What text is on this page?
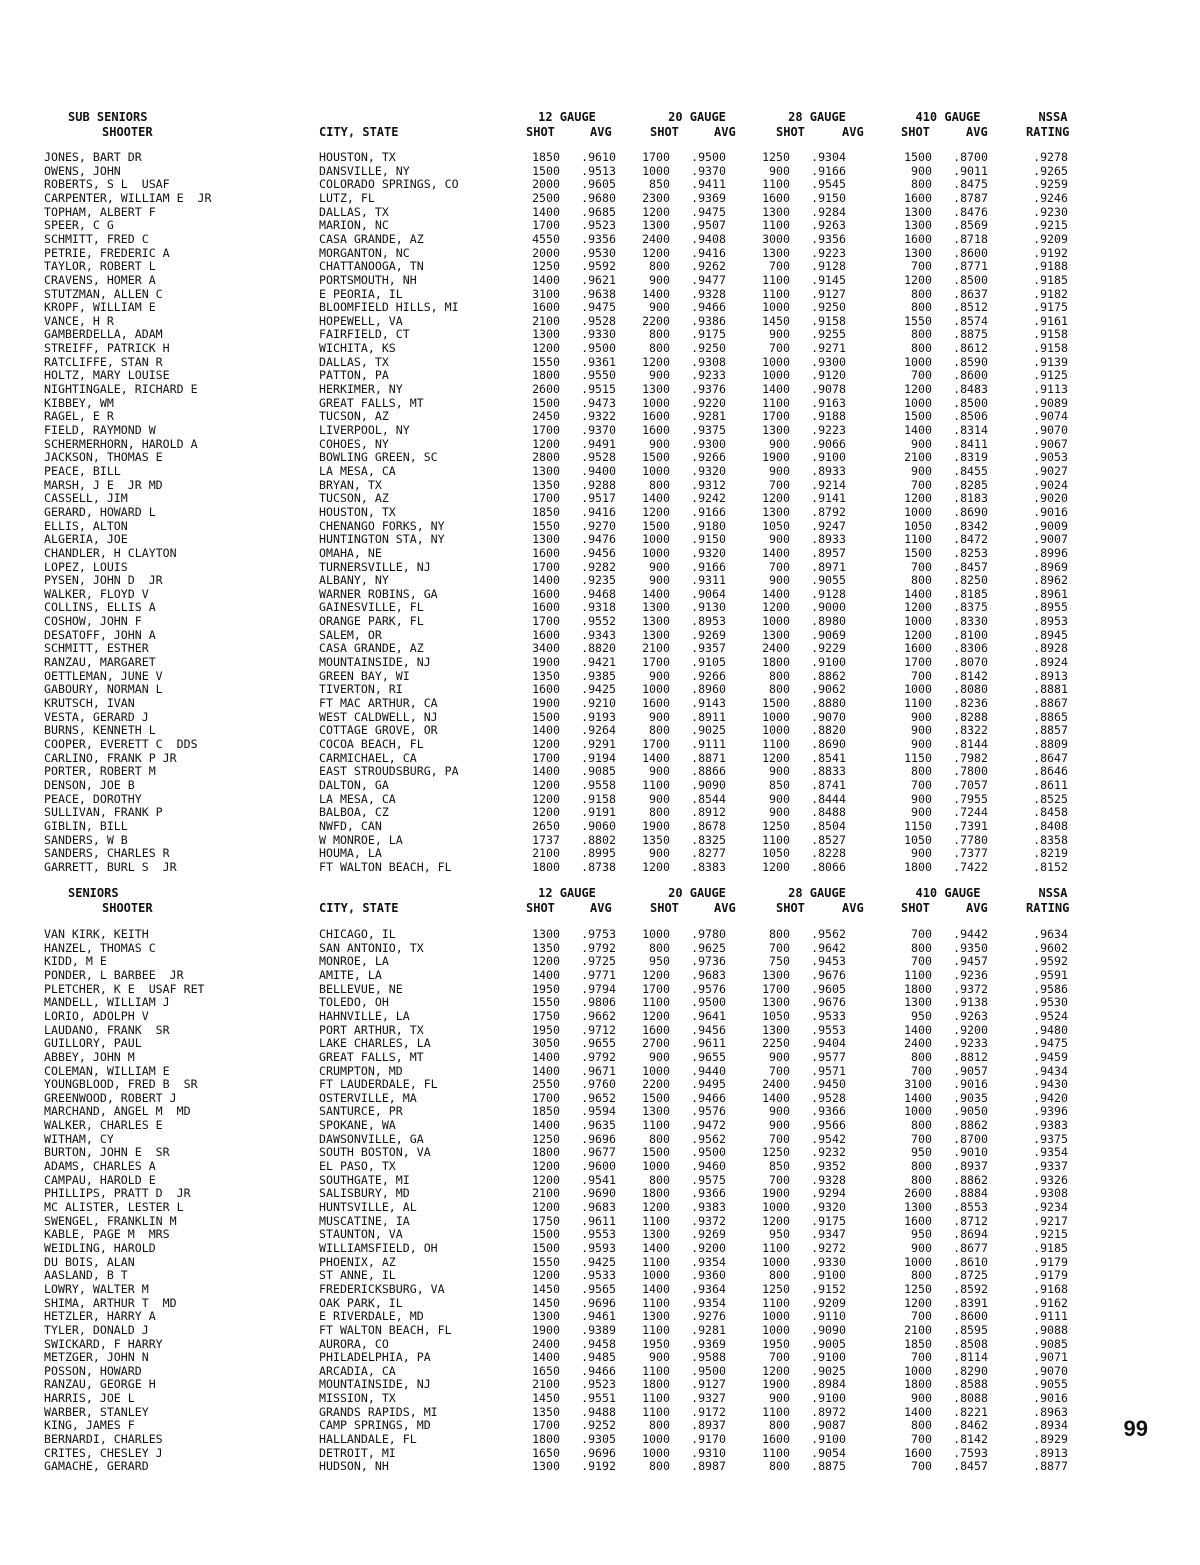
SUB SENIORS
SHOOTER	CITY, STATE
12 GAUGE	20 GAUGE	28 GAUGE	410 GAUGE	NSSA
SHOT	AVG	SHOT	AVG	SHOT	AVG	SHOT	AVG	RATING
JONES, BART DR	HOUSTON, TX	1850	.9610	1700	.9500	1250	.9304	1500	.8700	.9278
OWENS, JOHN	DANSVILLE, NY	1500	.9513	1000	.9370	900	.9166	900	.9011	.9265
ROBERTS, S L  USAF	COLORADO SPRINGS, CO	2000	.9605	850	.9411	1100	.9545	800	.8475	.9259
CARPENTER, WILLIAM E  JR	LUTZ, FL	2500	.9680	2300	.9369	1600	.9150	1600	.8787	.9246
TOPHAM, ALBERT F	DALLAS, TX	1400	.9685	1200	.9475	1300	.9284	1300	.8476	.9230
SPEER, C G	MARION, NC	1700	.9523	1300	.9507	1100	.9263	1300	.8569	.9215
SCHMITT, FRED C	CASA GRANDE, AZ	4550	.9356	2400	.9408	3000	.9356	1600	.8718	.9209
PETRIE, FREDERIC A	MORGANTON, NC	2000	.9530	1200	.9416	1300	.9223	1300	.8600	.9192
TAYLOR, ROBERT L	CHATTANOOGA, TN	1250	.9592	800	.9262	700	.9128	700	.8771	.9188
CRAVENS, HOMER A	PORTSMOUTH, NH	1400	.9621	900	.9477	1100	.9145	1200	.8500	.9185
STUTZMAN, ALLEN C	E PEORIA, IL	3100	.9638	1400	.9328	1100	.9127	800	.8637	.9182
KROPF, WILLIAM E	BLOOMFIELD HILLS, MI	1600	.9475	900	.9466	1000	.9250	800	.8512	.9175
VANCE, H R	HOPEWELL, VA	2100	.9528	2200	.9386	1450	.9158	1550	.8574	.9161
GAMBERDELLA, ADAM	FAIRFIELD, CT	1300	.9330	800	.9175	900	.9255	800	.8875	.9158
STREIFF, PATRICK H	WICHITA, KS	1200	.9500	800	.9250	700	.9271	800	.8612	.9158
RATCLIFFE, STAN R	DALLAS, TX	1550	.9361	1200	.9308	1000	.9300	1000	.8590	.9139
HOLTZ, MARY LOUISE	PATTON, PA	1800	.9550	900	.9233	1000	.9120	700	.8600	.9125
NIGHTINGALE, RICHARD E	HERKIMER, NY	2600	.9515	1300	.9376	1400	.9078	1200	.8483	.9113
KIBBEY, WM	GREAT FALLS, MT	1500	.9473	1000	.9220	1100	.9163	1000	.8500	.9089
RAGEL, E R	TUCSON, AZ	2450	.9322	1600	.9281	1700	.9188	1500	.8506	.9074
FIELD, RAYMOND W	LIVERPOOL, NY	1700	.9370	1600	.9375	1300	.9223	1400	.8314	.9070
SCHERMERHORN, HAROLD A	COHOES, NY	1200	.9491	900	.9300	900	.9066	900	.8411	.9067
JACKSON, THOMAS E	BOWLING GREEN, SC	2800	.9528	1500	.9266	1900	.9100	2100	.8319	.9053
PEACE, BILL	LA MESA, CA	1300	.9400	1000	.9320	900	.8933	900	.8455	.9027
MARSH, J E  JR MD	BRYAN, TX	1350	.9288	800	.9312	700	.9214	700	.8285	.9024
CASSELL, JIM	TUCSON, AZ	1700	.9517	1400	.9242	1200	.9141	1200	.8183	.9020
GERARD, HOWARD L	HOUSTON, TX	1850	.9416	1200	.9166	1300	.8792	1000	.8690	.9016
ELLIS, ALTON	CHENANGO FORKS, NY	1550	.9270	1500	.9180	1050	.9247	1050	.8342	.9009
ALGERIA, JOE	HUNTINGTON STA, NY	1300	.9476	1000	.9150	900	.8933	1100	.8472	.9007
CHANDLER, H CLAYTON	OMAHA, NE	1600	.9456	1000	.9320	1400	.8957	1500	.8253	.8996
LOPEZ, LOUIS	TURNERSVILLE, NJ	1700	.9282	900	.9166	700	.8971	700	.8457	.8969
PYSEN, JOHN D  JR	ALBANY, NY	1400	.9235	900	.9311	900	.9055	800	.8250	.8962
WALKER, FLOYD V	WARNER ROBINS, GA	1600	.9468	1400	.9064	1400	.9128	1400	.8185	.8961
COLLINS, ELLIS A	GAINESVILLE, FL	1600	.9318	1300	.9130	1200	.9000	1200	.8375	.8955
COSHOW, JOHN F	ORANGE PARK, FL	1700	.9552	1300	.8953	1000	.8980	1000	.8330	.8953
DESATOFF, JOHN A	SALEM, OR	1600	.9343	1300	.9269	1300	.9069	1200	.8100	.8945
SCHMITT, ESTHER	CASA GRANDE, AZ	3400	.8820	2100	.9357	2400	.9229	1600	.8306	.8928
RANZAU, MARGARET	MOUNTAINSIDE, NJ	1900	.9421	1700	.9105	1800	.9100	1700	.8070	.8924
OETTLEMAN, JUNE V	GREEN BAY, WI	1350	.9385	900	.9266	800	.8862	700	.8142	.8913
GABOURY, NORMAN L	TIVERTON, RI	1600	.9425	1000	.8960	800	.9062	1000	.8080	.8881
KRUTSCH, IVAN	FT MAC ARTHUR, CA	1900	.9210	1600	.9143	1500	.8880	1100	.8236	.8867
VESTA, GERARD J	WEST CALDWELL, NJ	1500	.9193	900	.8911	1000	.9070	900	.8288	.8865
BURNS, KENNETH L	COTTAGE GROVE, OR	1400	.9264	800	.9025	1000	.8820	900	.8322	.8857
COOPER, EVERETT C  DDS	COCOA BEACH, FL	1200	.9291	1700	.9111	1100	.8690	900	.8144	.8809
CARLINO, FRANK P JR	CARMICHAEL, CA	1700	.9194	1400	.8871	1200	.8541	1150	.7982	.8647
PORTER, ROBERT M	EAST STROUDSBURG, PA	1400	.9085	900	.8866	900	.8833	800	.7800	.8646
DENSON, JOE B	DALTON, GA	1200	.9558	1100	.9090	850	.8741	700	.7057	.8611
PEACE, DOROTHY	LA MESA, CA	1200	.9158	900	.8544	900	.8444	900	.7955	.8525
SULLIVAN, FRANK P	BALBOA, CZ	1200	.9191	800	.8912	900	.8488	900	.7244	.8458
GIBLIN, BILL	NWFD, CAN	2650	.9060	1900	.8678	1250	.8504	1150	.7391	.8408
SANDERS, W B	W MONROE, LA	1737	.8802	1350	.8325	1100	.8527	1050	.7780	.8358
SANDERS, CHARLES R	HOUMA, LA	2100	.8995	900	.8277	1050	.8228	900	.7377	.8219
GARRETT, BURL S  JR	FT WALTON BEACH, FL	1800	.8738	1200	.8383	1200	.8066	1800	.7422	.8152
SENIORS
SHOOTER	CITY, STATE
12 GAUGE	20 GAUGE	28 GAUGE	410 GAUGE	NSSA
SHOT	AVG	SHOT	AVG	SHOT	AVG	SHOT	AVG	RATING
VAN KIRK, KEITH	CHICAGO, IL	1300	.9753	1000	.9780	800	.9562	700	.9442	.9634
HANZEL, THOMAS C	SAN ANTONIO, TX	1350	.9792	800	.9625	700	.9642	800	.9350	.9602
KIDD, M E	MONROE, LA	1200	.9725	950	.9736	750	.9453	700	.9457	.9592
PONDER, L BARBEE  JR	AMITE, LA	1400	.9771	1200	.9683	1300	.9676	1100	.9236	.9591
PLETCHER, K E  USAF RET	BELLEVUE, NE	1950	.9794	1700	.9576	1700	.9605	1800	.9372	.9586
MANDELL, WILLIAM J	TOLEDO, OH	1550	.9806	1100	.9500	1300	.9676	1300	.9138	.9530
LORIO, ADOLPH V	HAHNVILLE, LA	1750	.9662	1200	.9641	1050	.9533	950	.9263	.9524
LAUDANO, FRANK  SR	PORT ARTHUR, TX	1950	.9712	1600	.9456	1300	.9553	1400	.9200	.9480
GUILLORY, PAUL	LAKE CHARLES, LA	3050	.9655	2700	.9611	2250	.9404	2400	.9233	.9475
ABBEY, JOHN M	GREAT FALLS, MT	1400	.9792	900	.9655	900	.9577	800	.8812	.9459
COLEMAN, WILLIAM E	CRUMPTON, MD	1400	.9671	1000	.9440	700	.9571	700	.9057	.9434
YOUNGBLOOD, FRED B  SR	FT LAUDERDALE, FL	2550	.9760	2200	.9495	2400	.9450	3100	.9016	.9430
GREENWOOD, ROBERT J	OSTERVILLE, MA	1700	.9652	1500	.9466	1400	.9528	1400	.9035	.9420
MARCHAND, ANGEL M  MD	SANTURCE, PR	1850	.9594	1300	.9576	900	.9366	1000	.9050	.9396
WALKER, CHARLES E	SPOKANE, WA	1400	.9635	1100	.9472	900	.9566	800	.8862	.9383
WITHAM, CY	DAWSONVILLE, GA	1250	.9696	800	.9562	700	.9542	700	.8700	.9375
BURTON, JOHN E  SR	SOUTH BOSTON, VA	1800	.9677	1500	.9500	1250	.9232	950	.9010	.9354
ADAMS, CHARLES A	EL PASO, TX	1200	.9600	1000	.9460	850	.9352	800	.8937	.9337
CAMPAU, HAROLD E	SOUTHGATE, MI	1200	.9541	800	.9575	700	.9328	800	.8862	.9326
PHILLIPS, PRATT D  JR	SALISBURY, MD	2100	.9690	1800	.9366	1900	.9294	2600	.8884	.9308
MC ALISTER, LESTER L	HUNTSVILLE, AL	1200	.9683	1200	.9383	1000	.9320	1300	.8553	.9234
SWENGEL, FRANKLIN M	MUSCATINE, IA	1750	.9611	1100	.9372	1200	.9175	1600	.8712	.9217
KABLE, PAGE M  MRS	STAUNTON, VA	1500	.9553	1300	.9269	950	.9347	950	.8694	.9215
WEIDLING, HAROLD	WILLIAMSFIELD, OH	1500	.9593	1400	.9200	1100	.9272	900	.8677	.9185
DU BOIS, ALAN	PHOENIX, AZ	1550	.9425	1100	.9354	1000	.9330	1000	.8610	.9179
AASLAND, B T	ST ANNE, IL	1200	.9533	1000	.9360	800	.9100	800	.8725	.9179
LOWRY, WALTER M	FREDERICKSBURG, VA	1450	.9565	1400	.9364	1250	.9152	1250	.8592	.9168
SHIMA, ARTHUR T  MD	OAK PARK, IL	1450	.9696	1100	.9354	1100	.9209	1200	.8391	.9162
HETZLER, HARRY A	E RIVERDALE, MD	1300	.9461	1300	.9276	1000	.9110	700	.8600	.9111
TYLER, DONALD J	FT WALTON BEACH, FL	1900	.9389	1100	.9281	1000	.9090	2100	.8595	.9088
SWICKARD, F HARRY	AURORA, CO	2400	.9458	1950	.9369	1950	.9005	1850	.8508	.9085
METZGER, JOHN N	PHILADELPHIA, PA	1400	.9485	900	.9588	700	.9100	700	.8114	.9071
POSSON, HOWARD	ARCADIA, CA	1650	.9466	1100	.9500	1200	.9025	1000	.8290	.9070
RANZAU, GEORGE H	MOUNTAINSIDE, NJ	2100	.9523	1800	.9127	1900	.8984	1800	.8588	.9055
HARRIS, JOE L	MISSION, TX	1450	.9551	1100	.9327	900	.9100	900	.8088	.9016
WARBER, STANLEY	GRANDS RAPIDS, MI	1350	.9488	1100	.9172	1100	.8972	1400	.8221	.8963
KING, JAMES F	CAMP SPRINGS, MD	1700	.9252	800	.8937	800	.9087	800	.8462	.8934
BERNARDI, CHARLES	HALLANDALE, FL	1800	.9305	1000	.9170	1600	.9100	700	.8142	.8929
CRITES, CHESLEY J	DETROIT, MI	1650	.9696	1000	.9310	1100	.9054	1600	.7593	.8913
GAMACHE, GERARD	HUDSON, NH	1300	.9192	800	.8987	800	.8875	700	.8457	.8877
99
